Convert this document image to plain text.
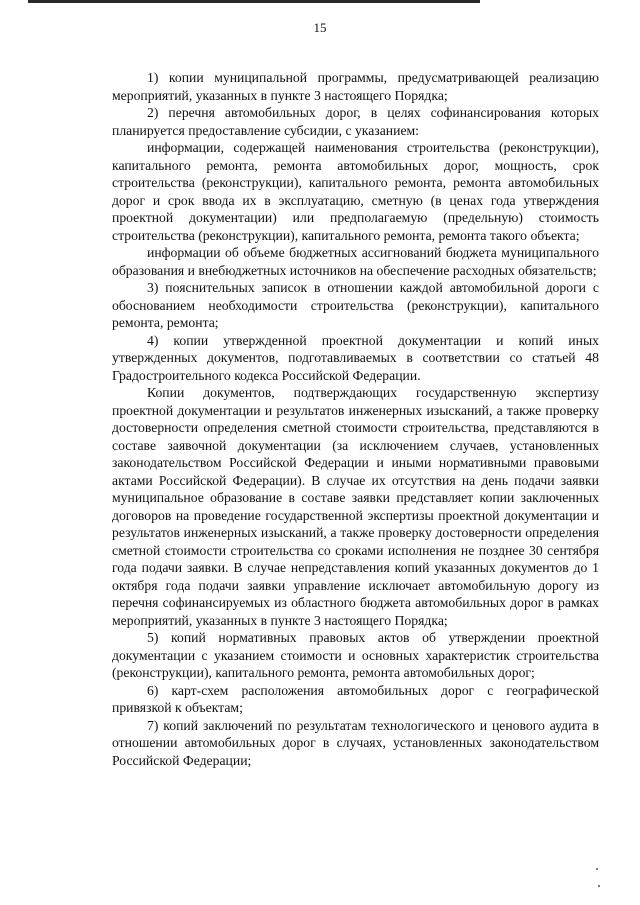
15

1) копии муниципальной программы, предусматривающей реализацию мероприятий, указанных в пункте 3 настоящего Порядка;

2) перечня автомобильных дорог, в целях софинансирования которых планируется предоставление субсидии, с указанием:

информации, содержащей наименования строительства (реконструкции), капитального ремонта, ремонта автомобильных дорог, мощность, срок строительства (реконструкции), капитального ремонта, ремонта автомобильных дорог и срок ввода их в эксплуатацию, сметную (в ценах года утверждения проектной документации) или предполагаемую (предельную) стоимость строительства (реконструкции), капитального ремонта, ремонта такого объекта;

информации об объеме бюджетных ассигнований бюджета муниципального образования и внебюджетных источников на обеспечение расходных обязательств;

3) пояснительных записок в отношении каждой автомобильной дороги с обоснованием необходимости строительства (реконструкции), капитального ремонта, ремонта;

4) копии утвержденной проектной документации и копий иных утвержденных документов, подготавливаемых в соответствии со статьей 48 Градостроительного кодекса Российской Федерации.

Копии документов, подтверждающих государственную экспертизу проектной документации и результатов инженерных изысканий, а также проверку достоверности определения сметной стоимости строительства, представляются в составе заявочной документации (за исключением случаев, установленных законодательством Российской Федерации и иными нормативными правовыми актами Российской Федерации). В случае их отсутствия на день подачи заявки муниципальное образование в составе заявки представляет копии заключенных договоров на проведение государственной экспертизы проектной документации и результатов инженерных изысканий, а также проверку достоверности определения сметной стоимости строительства со сроками исполнения не позднее 30 сентября года подачи заявки. В случае непредставления копий указанных документов до 1 октября года подачи заявки управление исключает автомобильную дорогу из перечня софинансируемых из областного бюджета автомобильных дорог в рамках мероприятий, указанных в пункте 3 настоящего Порядка;

5) копий нормативных правовых актов об утверждении проектной документации с указанием стоимости и основных характеристик строительства (реконструкции), капитального ремонта, ремонта автомобильных дорог;

6) карт-схем расположения автомобильных дорог с географической привязкой к объектам;

7) копий заключений по результатам технологического и ценового аудита в отношении автомобильных дорог в случаях, установленных законодательством Российской Федерации;
